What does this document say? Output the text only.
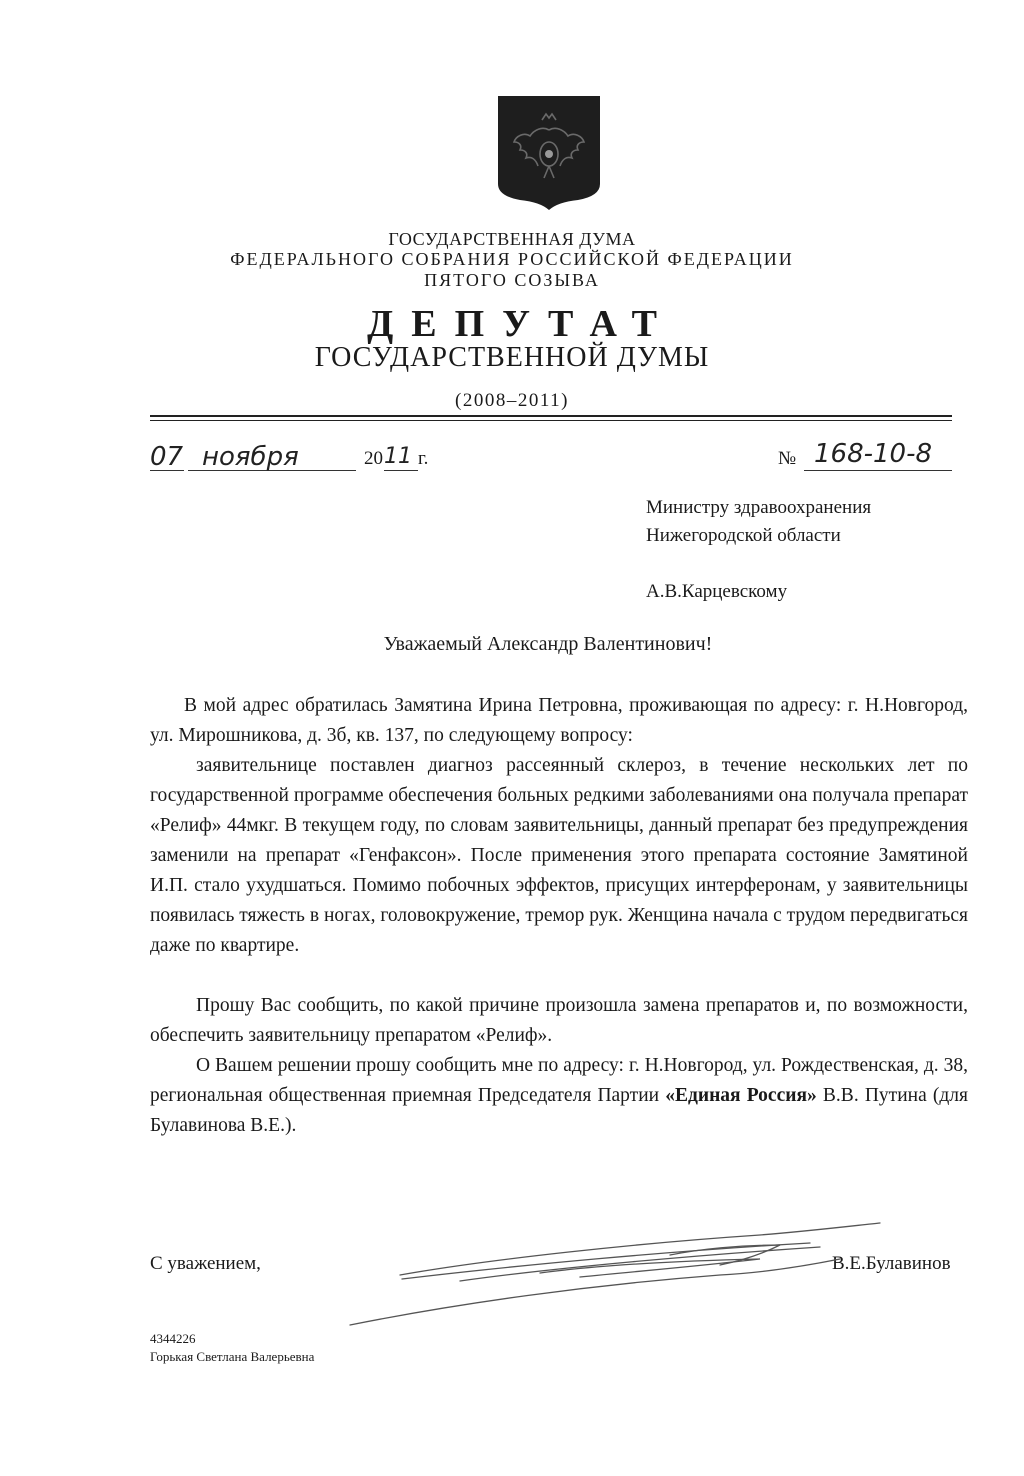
ГОСУДАРСТВЕННАЯ ДУМА
ФЕДЕРАЛЬНОГО СОБРАНИЯ РОССИЙСКОЙ ФЕДЕРАЦИИ
ПЯТОГО СОЗЫВА
ДЕПУТАТ
ГОСУДАРСТВЕННОЙ ДУМЫ
(2008–2011)
07 ноября	20 11 г.	№ 168-10-8
Министру здравоохранения
Нижегородской области
А.В.Карцевскому
Уважаемый Александр Валентинович!
В мой адрес обратилась Замятина Ирина Петровна, проживающая по адресу: г. Н.Новгород, ул. Мирошникова, д. 3б, кв. 137, по следующему вопросу:
заявительнице поставлен диагноз рассеянный склероз, в течение нескольких лет по государственной программе обеспечения больных редкими заболеваниями она получала препарат «Релиф» 44мкг. В текущем году, по словам заявительницы, данный препарат без предупреждения заменили на препарат «Генфаксон». После применения этого препарата состояние Замятиной И.П. стало ухудшаться. Помимо побочных эффектов, присущих интерферонам, у заявительницы появилась тяжесть в ногах, головокружение, тремор рук. Женщина начала с трудом передвигаться даже по квартире.
Прошу Вас сообщить, по какой причине произошла замена препаратов и, по возможности, обеспечить заявительницу препаратом «Релиф».
О Вашем решении прошу сообщить мне по адресу: г. Н.Новгород, ул. Рождественская, д. 38, региональная общественная приемная Председателя Партии «Единая Россия» В.В. Путина (для Булавинова В.Е.).
С уважением,	В.Е.Булавинов
4344226
Горькая Светлана Валерьевна
